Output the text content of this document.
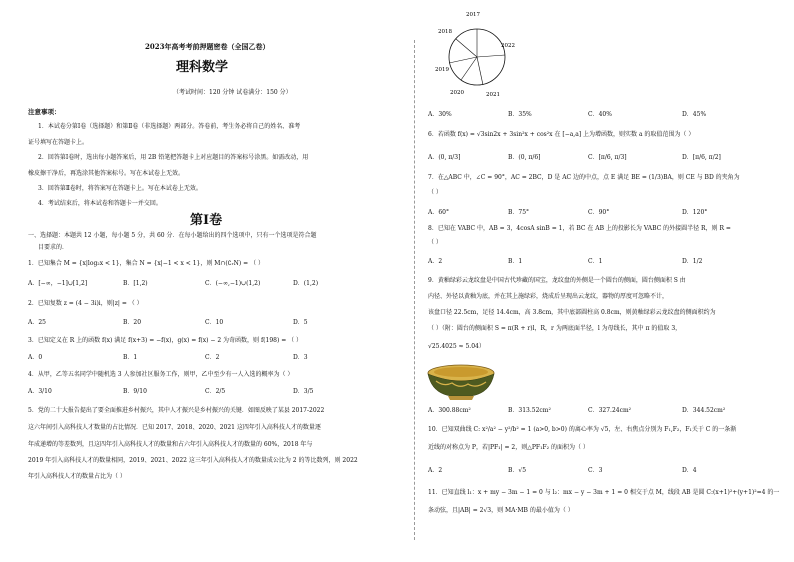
2023年高考考前押题密卷（全国乙卷）
理科数学
（考试时间：120 分钟 试卷满分：150 分）
注意事项：
1．本试卷分第Ⅰ卷（选择题）和第Ⅱ卷（非选择题）两部分。答卷前，考生务必将自己的姓名、准考
证号填写在答题卡上。
2．回答第Ⅰ卷时，选出每小题答案后，用 2B 铅笔把答题卡上对应题目的答案标号涂黑。如需改动，用
橡皮擦干净后，再选涂其他答案标号。写在本试卷上无效。
3．回答第Ⅱ卷时，将答案写在答题卡上。写在本试卷上无效。
4．考试结束后，将本试卷和答题卡一并交回。
第Ⅰ卷
一、选择题：本题共 12 小题，每小题 5 分，共 60 分．在每小题给出的四个选项中，只有一个选项是符合题
目要求的．
1．已知集合 M = {x|log₂x < 1}，集合 N = {x|−1 < x < 1}，则 M∩(∁ᵣN) = （ ）
A．[−∞，−1]∪[1,2]	B．[1,2)	C．(−∞,−1)∪(1,2)	D．(1,2)
2．已知复数 z = (4 − 3i)i，则|z| = （ ）
A．25	B．20	C．10	D．5
3．已知定义在 R 上的函数 f(x) 满足 f(x+3) = −f(x)，g(x) = f(x) − 2 为奇函数，则 f(198) = （ ）
A．0	B．1	C．2	D．3
4．从甲，乙等五名同学中随机选 3 人参加社区服务工作，则甲，乙中至少有一人入选的概率为（ ）
A．3/10	B．9/10	C．2/5	D．3/5
5．党的二十大报告提出了要全面推进乡村振兴，其中人才振兴是乡村振兴的关键．如图反映了某县 2017-2022
这六年间引入高科技人才数量的占比情况．已知 2017、2018、2020、2021 这四年引入高科技人才的数量逐
年成递增的等差数列，且这四年引入高科技人才的数量和占六年引入高科技人才的数量的 60%，2018 年与
2019 年引入高科技人才的数量相同，2019、2021、2022 这三年引入高科技人才的数量成公比为 2 的等比数列，则 2022
年引入高科技人才的数量占比为（ ）
2017
2018
2019
2020	2021
2022
A．30%	B．35%	C．40%	D．45%
6．若函数 f(x) = √3sin2x + 3sin²x + cos²x 在 [−a,a] 上为增函数，则实数 a 的取值范围为（ ）
A．(0, π/3]	B．(0, π/6]	C．[π/6, π/3]	D．[π/6, π/2]
7．在△ABC 中，∠C = 90°，AC = 2BC，D 是 AC 边的中点，点 E 满足 BE = (1/3)BA，则 CE 与 BD 的夹角为
（ ）
A．60°	B．75°	C．90°	D．120°
8．已知在 VABC 中，AB = 3，4cosA sinB = 1，若 BC 在 AB 上的投影长为 VABC 的外接圆半径 R，则 R =
（ ）
A．2	B．1	C．1	D．1/2
9．黄釉绿彩云龙纹盘是中国古代珍藏的国宝，龙纹盘的外侧是一个圆台的侧面，圆台侧面积 S 由
内径、外径以黄釉为底，并在其上施绿彩，烧成后呈现出云龙纹，器物的厚度可忽略不计，
该盘口径 22.5cm，足径 14.4cm，高 3.8cm，其中底部圆柱高 0.8cm，则黄釉绿彩云龙纹盘的侧面积约为
（ ）（附：圆台的侧面积 S = π(R + r)l，R，r 为两底面半径，l 为母线长，其中 π 的值取 3，
√25.4025 ≈ 5.04）
A．300.88cm²	B．313.52cm²	C．327.24cm²	D．344.52cm²
10．已知双曲线 C: x²/a² − y²/b² = 1 (a>0, b>0) 的离心率为 √5，左、右焦点分别为 F₁,F₂，F₁关于 C 的一条渐
近线的对称点为 P，若|PF₁| = 2，则△PF₁F₂ 的面积为（ ）
A．2	B．√5	C．3	D．4
11．已知直线 l₁：x + my − 3m − 1 = 0 与 l₂：mx − y − 3m + 1 = 0 相交于点 M，线段 AB 是圆 C:(x+1)²+(y+1)²=4 的一
条动弦，且|AB| = 2√3，则 MA·MB 的最小值为（ ）
